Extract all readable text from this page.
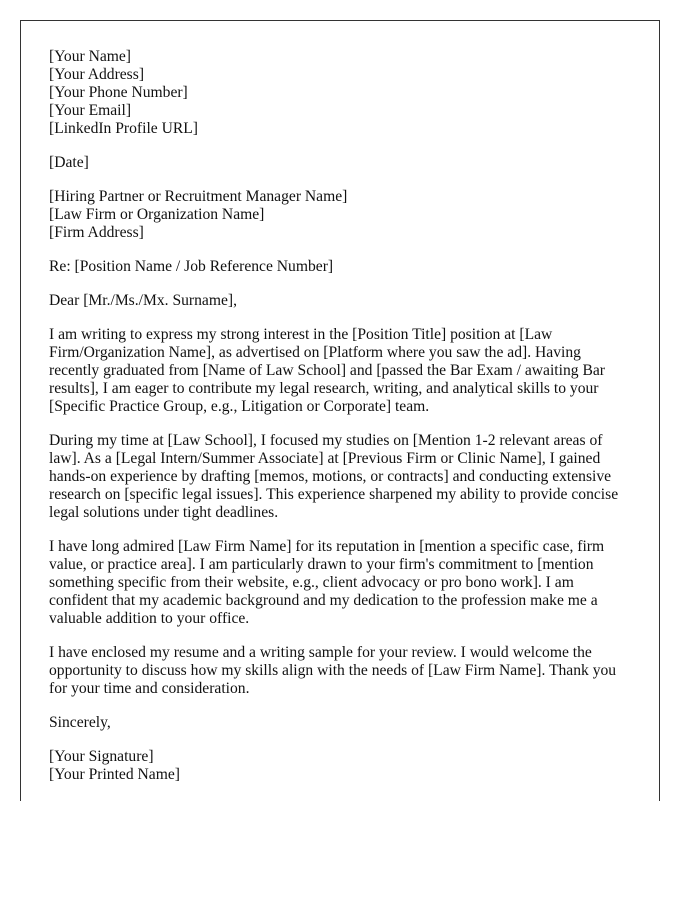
[Your Name]
[Your Address]
[Your Phone Number]
[Your Email]
[LinkedIn Profile URL]
[Date]
[Hiring Partner or Recruitment Manager Name]
[Law Firm or Organization Name]
[Firm Address]
Re: [Position Name / Job Reference Number]
Dear [Mr./Ms./Mx. Surname],
I am writing to express my strong interest in the [Position Title] position at [Law
Firm/Organization Name], as advertised on [Platform where you saw the ad]. Having
recently graduated from [Name of Law School] and [passed the Bar Exam / awaiting Bar
results], I am eager to contribute my legal research, writing, and analytical skills to your
[Specific Practice Group, e.g., Litigation or Corporate] team.
During my time at [Law School], I focused my studies on [Mention 1-2 relevant areas of
law]. As a [Legal Intern/Summer Associate] at [Previous Firm or Clinic Name], I gained
hands-on experience by drafting [memos, motions, or contracts] and conducting extensive
research on [specific legal issues]. This experience sharpened my ability to provide concise
legal solutions under tight deadlines.
I have long admired [Law Firm Name] for its reputation in [mention a specific case, firm
value, or practice area]. I am particularly drawn to your firm's commitment to [mention
something specific from their website, e.g., client advocacy or pro bono work]. I am
confident that my academic background and my dedication to the profession make me a
valuable addition to your office.
I have enclosed my resume and a writing sample for your review. I would welcome the
opportunity to discuss how my skills align with the needs of [Law Firm Name]. Thank you
for your time and consideration.
Sincerely,
[Your Signature]
[Your Printed Name]
